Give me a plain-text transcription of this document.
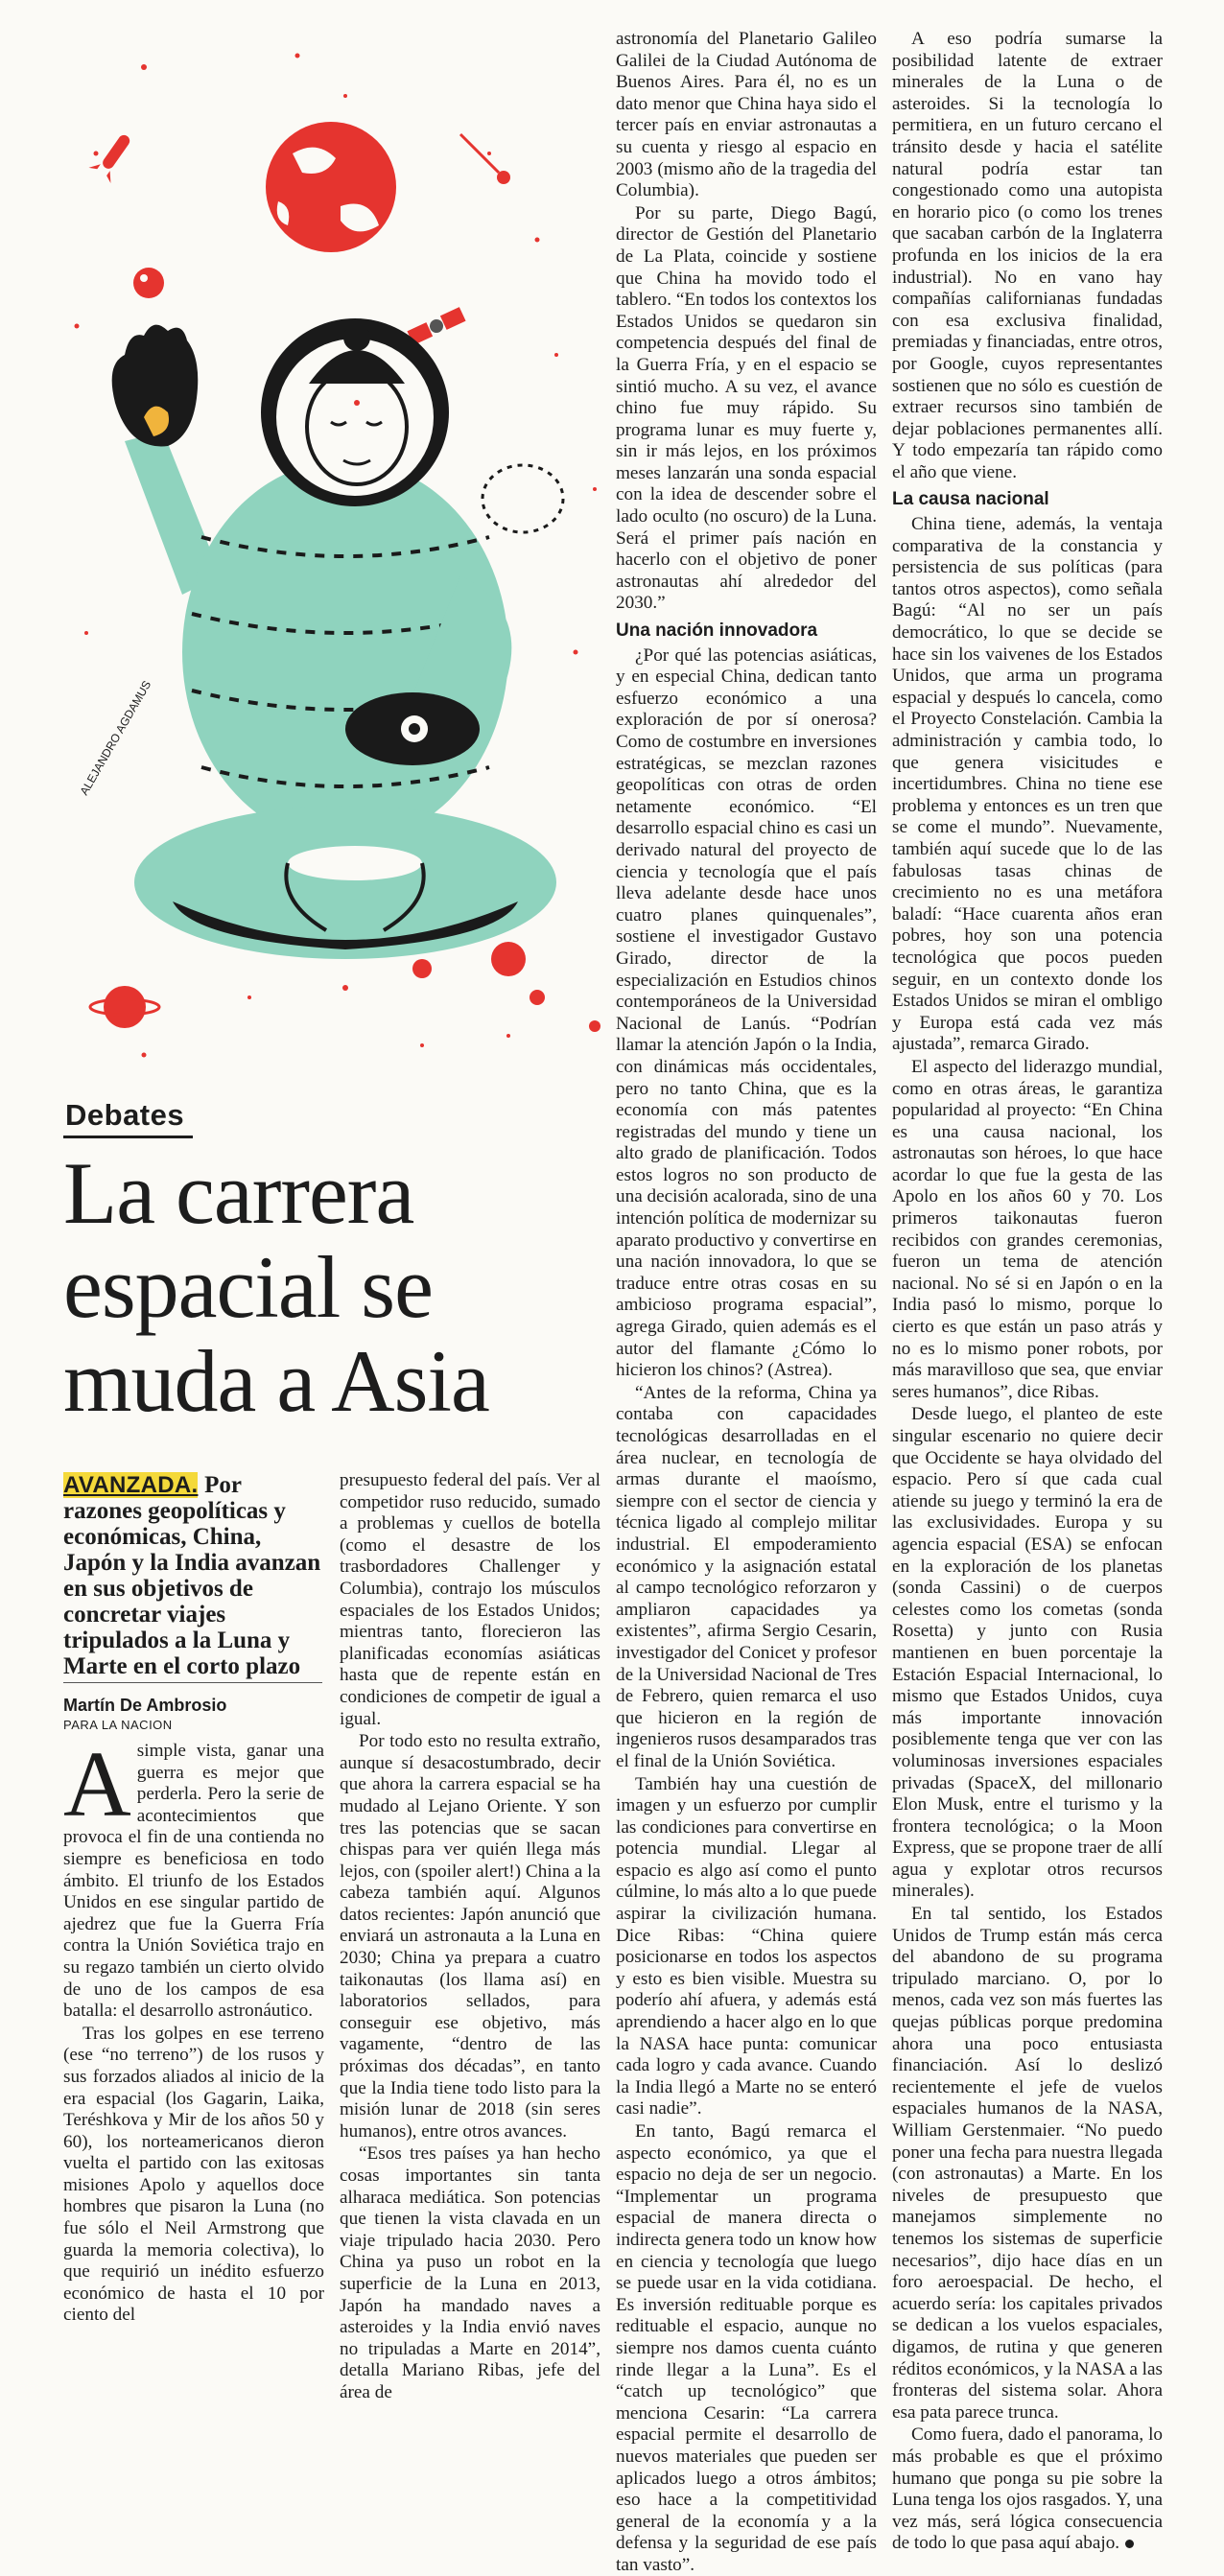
ALEJANDRO AGDAMUS
Debates
La carrera
espacial se
muda a Asia
AVANZADA. Por razones geopolíticas y económicas, China, Japón y la India avanzan en sus objetivos de concretar viajes tripulados a la Luna y Marte en el corto plazo
Martín De Ambrosio
PARA LA NACION

Asimple vista, ganar una guerra es mejor que perderla. Pero la serie de acontecimientos que provoca el fin de una contienda no siempre es beneficiosa en todo ámbito. El triunfo de los Estados Unidos en ese singular partido de ajedrez que fue la Guerra Fría contra la Unión Soviética trajo en su regazo también un cierto olvido de uno de los campos de esa batalla: el desarrollo astronáutico.

Tras los golpes en ese terreno (ese “no terreno”) de los rusos y sus forzados aliados al inicio de la era espacial (los Gagarin, Laika, Teréshkova y Mir de los años 50 y 60), los norteamericanos dieron vuelta el partido con las exitosas misiones Apolo y aquellos doce hombres que pisaron la Luna (no fue sólo el Neil Armstrong que guarda la memoria colectiva), lo que requirió un inédito esfuerzo económico de hasta el 10 por ciento del

presupuesto federal del país. Ver al competidor ruso reducido, sumado a problemas y cuellos de botella (como el desastre de los trasbordadores Challenger y Columbia), contrajo los músculos espaciales de los Estados Unidos; mientras tanto, florecieron las planificadas economías asiáticas hasta que de repente están en condiciones de competir de igual a igual.

Por todo esto no resulta extraño, aunque sí desacostumbrado, decir que ahora la carrera espacial se ha mudado al Lejano Oriente. Y son tres las potencias que se sacan chispas para ver quién llega más lejos, con (spoiler alert!) China a la cabeza también aquí. Algunos datos recientes: Japón anunció que enviará un astronauta a la Luna en 2030; China ya prepara a cuatro taikonautas (los llama así) en laboratorios sellados, para conseguir ese objetivo, más vagamente, “dentro de las próximas dos décadas”, en tanto que la India tiene todo listo para la misión lunar de 2018 (sin seres humanos), entre otros avances.

“Esos tres países ya han hecho cosas importantes sin tanta alharaca mediática. Son potencias que tienen la vista clavada en un viaje tripulado hacia 2030. Pero China ya puso un robot en la superficie de la Luna en 2013, Japón ha mandado naves a asteroides y la India envió naves no tripuladas a Marte en 2014”, detalla Mariano Ribas, jefe del área de

astronomía del Planetario Galileo Galilei de la Ciudad Autónoma de Buenos Aires. Para él, no es un dato menor que China haya sido el tercer país en enviar astronautas a su cuenta y riesgo al espacio en 2003 (mismo año de la tragedia del Columbia).

Por su parte, Diego Bagú, director de Gestión del Planetario de La Plata, coincide y sostiene que China ha movido todo el tablero. “En todos los contextos los Estados Unidos se quedaron sin competencia después del final de la Guerra Fría, y en el espacio se sintió mucho. A su vez, el avance chino fue muy rápido. Su programa lunar es muy fuerte y, sin ir más lejos, en los próximos meses lanzarán una sonda espacial con la idea de descender sobre el lado oculto (no oscuro) de la Luna. Será el primer país nación en hacerlo con el objetivo de poner astronautas ahí alrededor del 2030.”

Una nación innovadora

¿Por qué las potencias asiáticas, y en especial China, dedican tanto esfuerzo económico a una exploración de por sí onerosa? Como de costumbre en inversiones estratégicas, se mezclan razones geopolíticas con otras de orden netamente económico. “El desarrollo espacial chino es casi un derivado natural del proyecto de ciencia y tecnología que el país lleva adelante desde hace unos cuatro planes quinquenales”, sostiene el investigador Gustavo Girado, director de la especialización en Estudios chinos contemporáneos de la Universidad Nacional de Lanús. “Podrían llamar la atención Japón o la India, con dinámicas más occidentales, pero no tanto China, que es la economía con más patentes registradas del mundo y tiene un alto grado de planificación. Todos estos logros no son producto de una decisión acalorada, sino de una intención política de modernizar su aparato productivo y convertirse en una nación innovadora, lo que se traduce entre otras cosas en su ambicioso programa espacial”, agrega Girado, quien además es el autor del flamante ¿Cómo lo hicieron los chinos? (Astrea).

“Antes de la reforma, China ya contaba con capacidades tecnológicas desarrolladas en el área nuclear, en tecnología de armas durante el maoísmo, siempre con el sector de ciencia y técnica ligado al complejo militar industrial. El empoderamiento económico y la asignación estatal al campo tecnológico reforzaron y ampliaron capacidades ya existentes”, afirma Sergio Cesarin, investigador del Conicet y profesor de la Universidad Nacional de Tres de Febrero, quien remarca el uso que hicieron en la región de ingenieros rusos desamparados tras el final de la Unión Soviética.

También hay una cuestión de imagen y un esfuerzo por cumplir las condiciones para convertirse en potencia mundial. Llegar al espacio es algo así como el punto cúlmine, lo más alto a lo que puede aspirar la civilización humana. Dice Ribas: “China quiere posicionarse en todos los aspectos y esto es bien visible. Muestra su poderío ahí afuera, y además está aprendiendo a hacer algo en lo que la NASA hace punta: comunicar cada logro y cada avance. Cuando la India llegó a Marte no se enteró casi nadie”.

En tanto, Bagú remarca el aspecto económico, ya que el espacio no deja de ser un negocio. “Implementar un programa espacial de manera directa o indirecta genera todo un know how en ciencia y tecnología que luego se puede usar en la vida cotidiana. Es inversión redituable porque es redituable el espacio, aunque no siempre nos damos cuenta cuánto rinde llegar a la Luna”. Es el “catch up tecnológico” que menciona Cesarin: “La carrera espacial permite el desarrollo de nuevos materiales que pueden ser aplicados luego a otros ámbitos; eso hace a la competitividad general de la economía y a la defensa y la seguridad de ese país tan vasto”.

A eso podría sumarse la posibilidad latente de extraer minerales de la Luna o de asteroides. Si la tecnología lo permitiera, en un futuro cercano el tránsito desde y hacia el satélite natural podría estar tan congestionado como una autopista en horario pico (o como los trenes que sacaban carbón de la Inglaterra profunda en los inicios de la era industrial). No en vano hay compañías californianas fundadas con esa exclusiva finalidad, premiadas y financiadas, entre otros, por Google, cuyos representantes sostienen que no sólo es cuestión de extraer recursos sino también de dejar poblaciones permanentes allí. Y todo empezaría tan rápido como el año que viene.

La causa nacional

China tiene, además, la ventaja comparativa de la constancia y persistencia de sus políticas (para tantos otros aspectos), como señala Bagú: “Al no ser un país democrático, lo que se decide se hace sin los vaivenes de los Estados Unidos, que arma un programa espacial y después lo cancela, como el Proyecto Constelación. Cambia la administración y cambia todo, lo que genera visicitudes e incertidumbres. China no tiene ese problema y entonces es un tren que se come el mundo”. Nuevamente, también aquí sucede que lo de las fabulosas tasas chinas de crecimiento no es una metáfora baladí: “Hace cuarenta años eran pobres, hoy son una potencia tecnológica que pocos pueden seguir, en un contexto donde los Estados Unidos se miran el ombligo y Europa está cada vez más ajustada”, remarca Girado.

El aspecto del liderazgo mundial, como en otras áreas, le garantiza popularidad al proyecto: “En China es una causa nacional, los astronautas son héroes, lo que hace acordar lo que fue la gesta de las Apolo en los años 60 y 70. Los primeros taikonautas fueron recibidos con grandes ceremonias, fueron un tema de atención nacional. No sé si en Japón o en la India pasó lo mismo, porque lo cierto es que están un paso atrás y no es lo mismo poner robots, por más maravilloso que sea, que enviar seres humanos”, dice Ribas.

Desde luego, el planteo de este singular escenario no quiere decir que Occidente se haya olvidado del espacio. Pero sí que cada cual atiende su juego y terminó la era de las exclusividades. Europa y su agencia espacial (ESA) se enfocan en la exploración de los planetas (sonda Cassini) o de cuerpos celestes como los cometas (sonda Rosetta) y junto con Rusia mantienen en buen porcentaje la Estación Espacial Internacional, lo mismo que Estados Unidos, cuya más importante innovación posiblemente tenga que ver con las voluminosas inversiones espaciales privadas (SpaceX, del millonario Elon Musk, entre el turismo y la frontera tecnológica; o la Moon Express, que se propone traer de allí agua y explotar otros recursos minerales).

En tal sentido, los Estados Unidos de Trump están más cerca del abandono de su programa tripulado marciano. O, por lo menos, cada vez son más fuertes las quejas públicas porque predomina ahora una poco entusiasta financiación. Así lo deslizó recientemente el jefe de vuelos espaciales humanos de la NASA, William Gerstenmaier. “No puedo poner una fecha para nuestra llegada (con astronautas) a Marte. En los niveles de presupuesto que manejamos simplemente no tenemos los sistemas de superficie necesarios”, dijo hace días en un foro aeroespacial. De hecho, el acuerdo sería: los capitales privados se dedican a los vuelos espaciales, digamos, de rutina y que generen réditos económicos, y la NASA a las fronteras del sistema solar. Ahora esa pata parece trunca.

Como fuera, dado el panorama, lo más probable es que el próximo humano que ponga su pie sobre la Luna tenga los ojos rasgados. Y, una vez más, será lógica consecuencia de todo lo que pasa aquí abajo.
